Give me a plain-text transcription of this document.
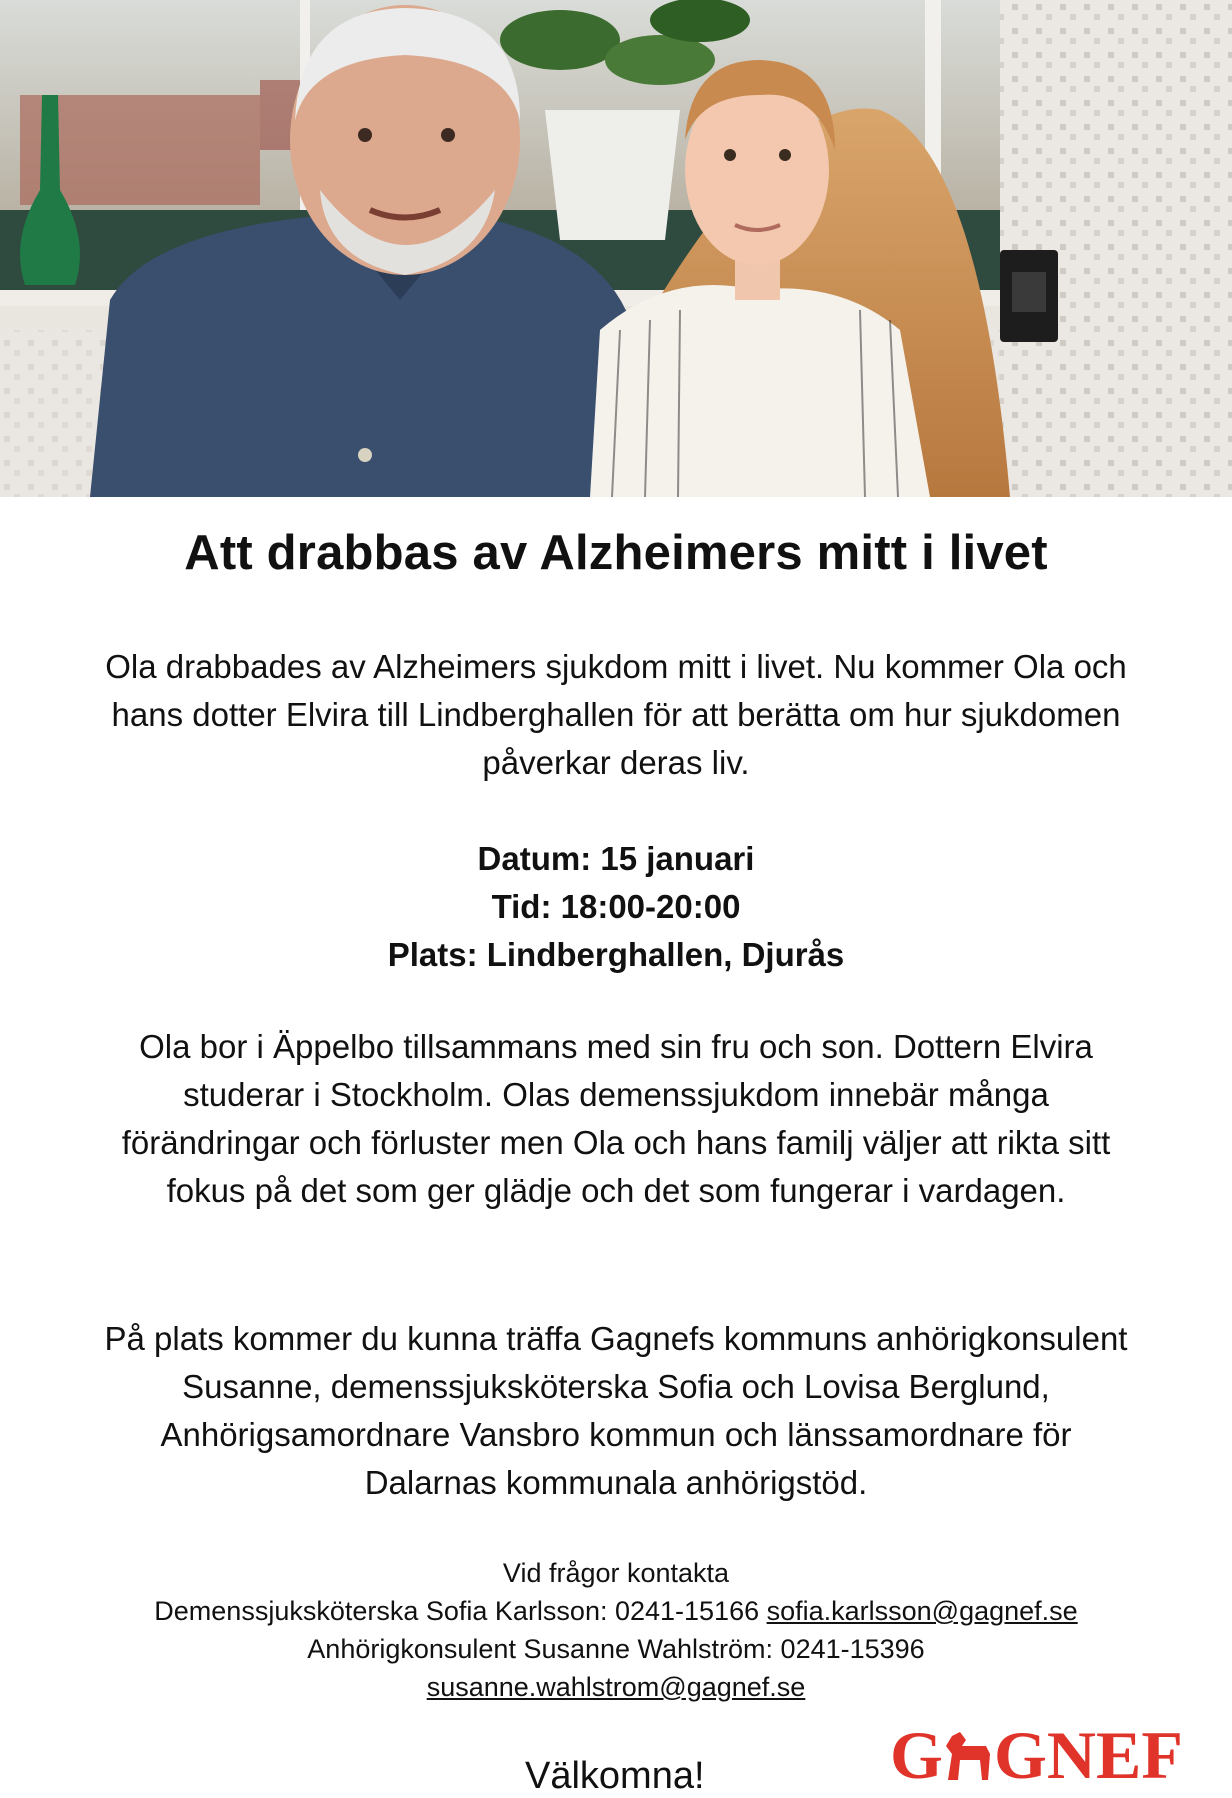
Att drabbas av Alzheimers mitt i livet

Ola drabbades av Alzheimers sjukdom mitt i livet. Nu kommer Ola och hans dotter Elvira till Lindberghallen för att berätta om hur sjukdomen påverkar deras liv.

Datum: 15 januari
Tid: 18:00-20:00
Plats: Lindberghallen, Djurås

Ola bor i Äppelbo tillsammans med sin fru och son. Dottern Elvira studerar i Stockholm. Olas demenssjukdom innebär många förändringar och förluster men Ola och hans familj väljer att rikta sitt fokus på det som ger glädje och det som fungerar i vardagen.

På plats kommer du kunna träffa Gagnefs kommuns anhörigkonsulent Susanne, demenssjuksköterska Sofia och Lovisa Berglund, Anhörigsamordnare Vansbro kommun och länssamordnare för Dalarnas kommunala anhörigstöd.

Vid frågor kontakta
Demenssjuksköterska Sofia Karlsson: 0241-15166 sofia.karlsson@gagnef.se
Anhörigkonsulent Susanne Wahlström: 0241-15396
susanne.wahlstrom@gagnef.se
Välkomna!	G GNEF
